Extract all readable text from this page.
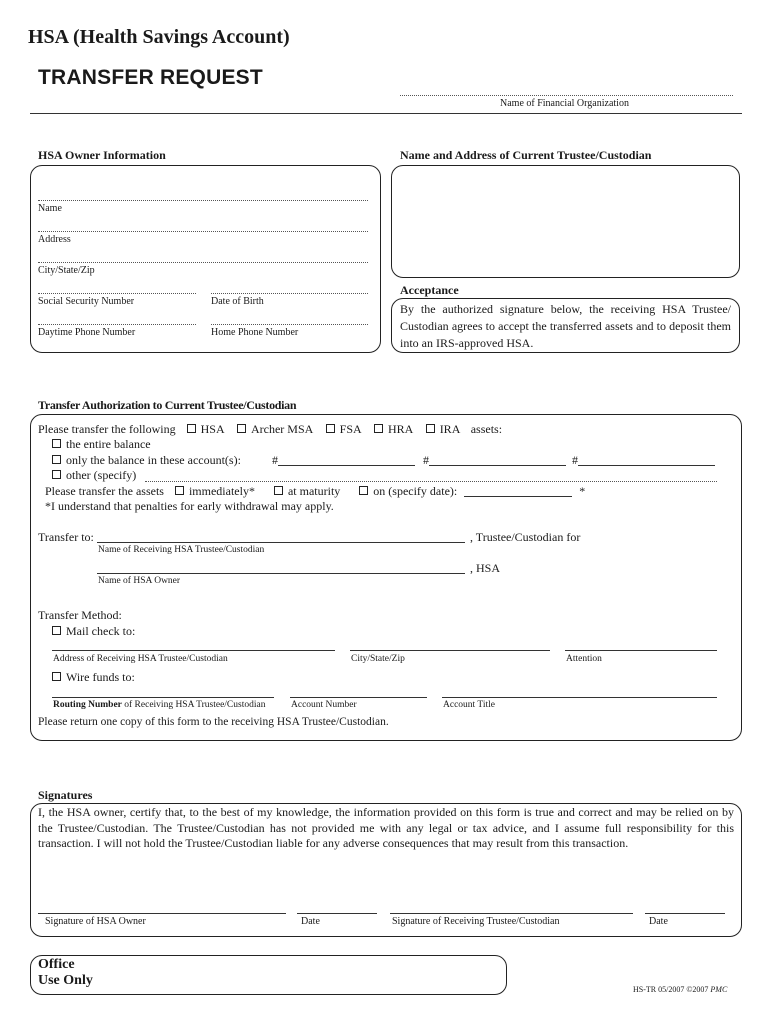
HSA (Health Savings Account)
TRANSFER REQUEST
Name of Financial Organization
HSA Owner Information
Name
Address
City/State/Zip
Social Security Number	Date of Birth
Daytime Phone Number	Home Phone Number
Name and Address of Current Trustee/Custodian
Acceptance
By the authorized signature below, the receiving HSA Trustee/ Custodian agrees to accept the transferred assets and to deposit them into an IRS-approved HSA.
Transfer Authorization to Current Trustee/Custodian
Please transfer the following HSA Archer MSA FSA HRA IRA assets:
the entire balance
only the balance in these account(s):	#	#	#
other (specify)
Please transfer the assets immediately*	at maturity	on (specify date):	*
*I understand that penalties for early withdrawal may apply.
Transfer to:	, Trustee/Custodian for
Name of Receiving HSA Trustee/Custodian
, HSA
Name of HSA Owner
Transfer Method:
Mail check to:
Address of Receiving HSA Trustee/Custodian	City/State/Zip	Attention
Wire funds to:
Routing Number of Receiving HSA Trustee/Custodian	Account Number	Account Title
Please return one copy of this form to the receiving HSA Trustee/Custodian.
Signatures
I, the HSA owner, certify that, to the best of my knowledge, the information provided on this form is true and correct and may be relied on by the Trustee/Custodian. The Trustee/Custodian has not provided me with any legal or tax advice, and I assume full responsibility for this transaction. I will not hold the Trustee/Custodian liable for any adverse consequences that may result from this transaction.
Signature of HSA Owner	Date	Signature of Receiving Trustee/Custodian	Date
Office
Use Only
HS-TR 05/2007 ©2007 PMC
